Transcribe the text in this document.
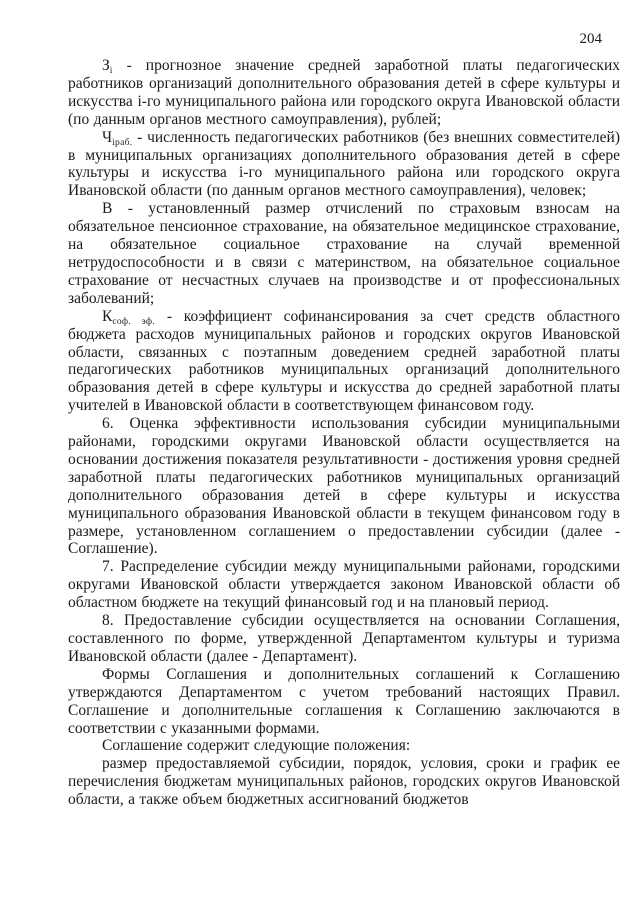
204

$З_i$ - прогнозное значение средней заработной платы педагогических работников организаций дополнительного образования детей в сфере культуры и искусства i-го муниципального района или городского округа Ивановской области (по данным органов местного самоуправления), рублей;

$Ч_{iраб.}$ - численность педагогических работников (без внешних совместителей) в муниципальных организациях дополнительного образования детей в сфере культуры и искусства i-го муниципального района или городского округа Ивановской области (по данным органов местного самоуправления), человек;

В - установленный размер отчислений по страховым взносам на обязательное пенсионное страхование, на обязательное медицинское страхование, на обязательное социальное страхование на случай временной нетрудоспособности и в связи с материнством, на обязательное социальное страхование от несчастных случаев на производстве и от профессиональных заболеваний;

$К_{соф. эф.}$ - коэффициент софинансирования за счет средств областного бюджета расходов муниципальных районов и городских округов Ивановской области, связанных с поэтапным доведением средней заработной платы педагогических работников муниципальных организаций дополнительного образования детей в сфере культуры и искусства до средней заработной платы учителей в Ивановской области в соответствующем финансовом году.

6. Оценка эффективности использования субсидии муниципальными районами, городскими округами Ивановской области осуществляется на основании достижения показателя результативности - достижения уровня средней заработной платы педагогических работников муниципальных организаций дополнительного образования детей в сфере культуры и искусства муниципального образования Ивановской области в текущем финансовом году в размере, установленном соглашением о предоставлении субсидии (далее - Соглашение).

7. Распределение субсидии между муниципальными районами, городскими округами Ивановской области утверждается законом Ивановской области об областном бюджете на текущий финансовый год и на плановый период.

8. Предоставление субсидии осуществляется на основании Соглашения, составленного по форме, утвержденной Департаментом культуры и туризма Ивановской области (далее - Департамент).

Формы Соглашения и дополнительных соглашений к Соглашению утверждаются Департаментом с учетом требований настоящих Правил. Соглашение и дополнительные соглашения к Соглашению заключаются в соответствии с указанными формами.

Соглашение содержит следующие положения:

размер предоставляемой субсидии, порядок, условия, сроки и график ее перечисления бюджетам муниципальных районов, городских округов Ивановской области, а также объем бюджетных ассигнований бюджетов
